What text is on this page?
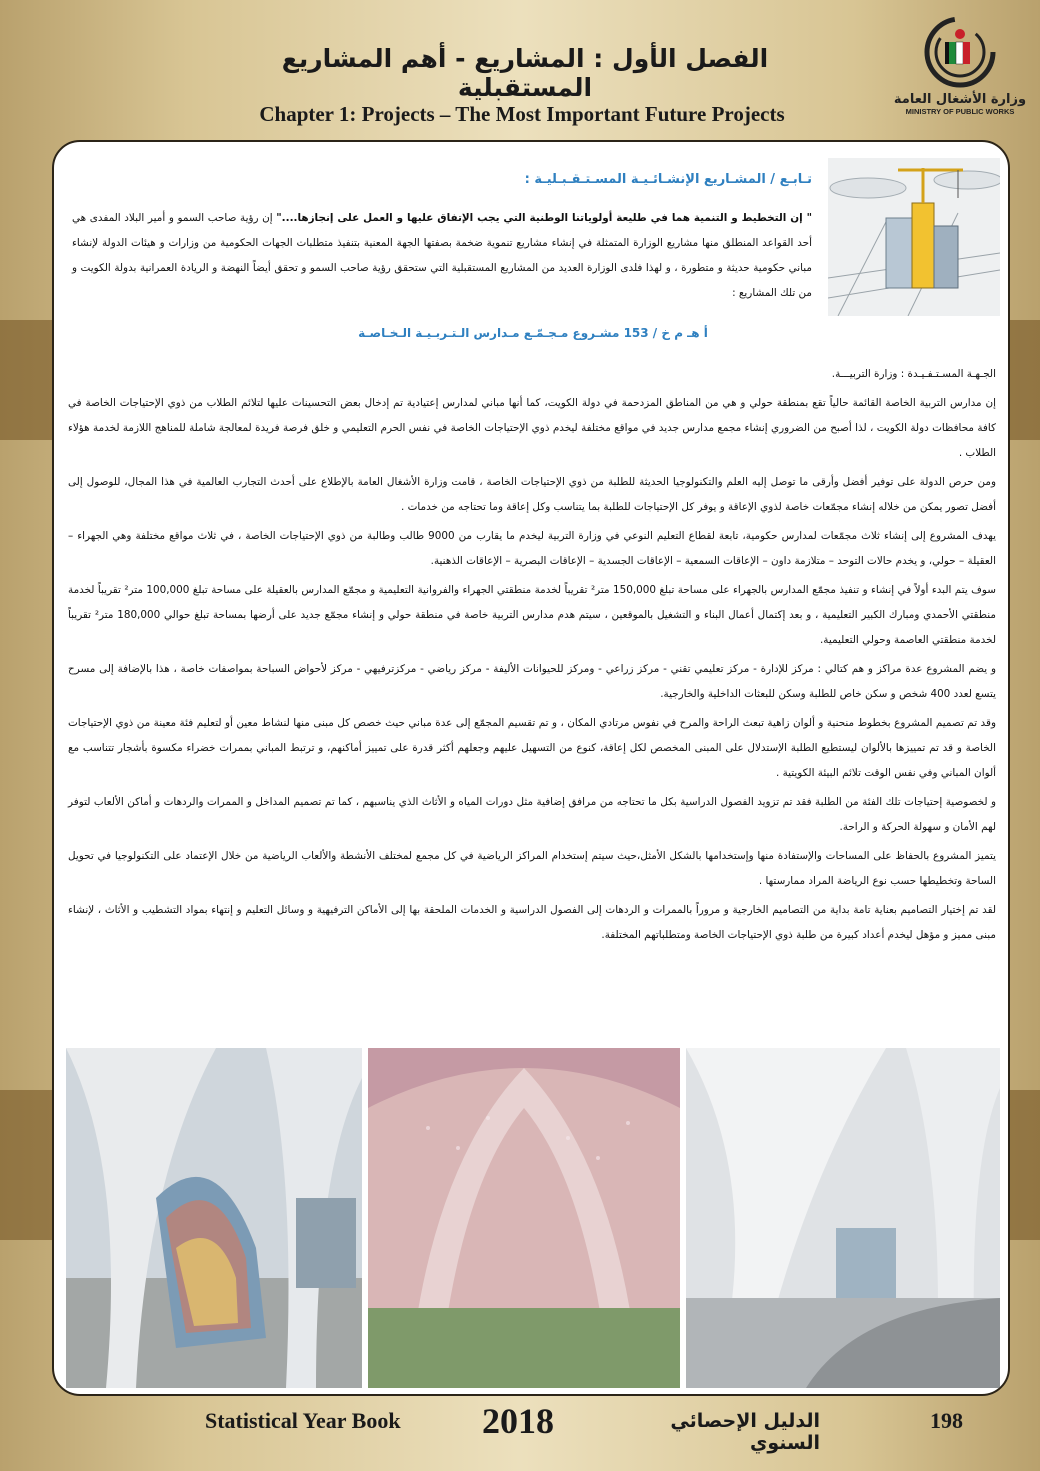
الفصل الأول : المشاريع - أهم المشاريع المستقبلية
Chapter 1: Projects – The Most Important Future Projects
وزارة الأشغال العامة
MINISTRY OF PUBLIC WORKS
تـابـع / المشـاريع الإنشـائـيـة المسـتـقـبـليـة :
" إن التخطيط و التنمية هما في طليعة أولوياتنا الوطنية التي يجب الإتفاق عليها و العمل على إنجازها...." إن رؤية صاحب السمو و أمير البلاد المفدى هي أحد القواعد المنطلق منها مشاريع الوزارة المتمثلة في إنشاء مشاريع تنموية ضخمة بصفتها الجهة المعنية بتنفيذ متطلبات الجهات الحكومية من وزارات و هيئات الدولة لإنشاء مباني حكومية حديثة و متطورة ، و لهذا فلدى الوزارة العديد من المشاريع المستقبلية التي ستحقق رؤية صاحب السمو و تحقق أيضاً النهضة و الريادة العمرانية بدولة الكويت و من تلك المشاريع :
أ هـ م خ / 153 مشـروع مـجـمّـع مـدارس الـتـربـيـة الـخـاصـة

الجـهـة المسـتـفـيـدة : وزارة التربيـــة.

إن مدارس التربية الخاصة القائمة حالياً تقع بمنطقة حولي و هي من المناطق المزدحمة في دولة الكويت، كما أنها مباني لمدارس إعتيادية تم إدخال بعض التحسينات عليها لتلائم الطلاب من ذوي الإحتياجات الخاصة في كافة محافظات دولة الكويت ، لذا أصبح من الضروري إنشاء مجمع مدارس جديد في مواقع مختلفة ليخدم ذوي الإحتياجات الخاصة في نفس الحرم التعليمي و خلق فرصة فريدة لمعالجة شاملة للمناهج اللازمة لخدمة هؤلاء الطلاب .

ومن حرص الدولة على توفير أفضل وأرقى ما توصل إليه العلم والتكنولوجيا الحديثة للطلبة من ذوي الإحتياجات الخاصة ، قامت وزارة الأشغال العامة بالإطلاع على أحدث التجارب العالمية في هذا المجال، للوصول إلى أفضل تصور يمكن من خلاله إنشاء مجمّعات خاصة لذوي الإعاقة و يوفر كل الإحتياجات للطلبة بما يتناسب وكل إعاقة وما تحتاجه من خدمات .

يهدف المشروع إلى إنشاء ثلاث مجمّعات لمدارس حكومية، تابعة لقطاع التعليم النوعي في وزارة التربية ليخدم ما يقارب من 9000 طالب وطالبة من ذوي الإحتياجات الخاصة ، في ثلاث مواقع مختلفة وهي الجهراء – العقيلة – حولي، و يخدم حالات التوحد – متلازمة داون – الإعاقات السمعية – الإعاقات الجسدية – الإعاقات البصرية – الإعاقات الذهنية.

سوف يتم البدء أولاً في إنشاء و تنفيذ مجمّع المدارس بالجهراء على مساحة تبلغ 150,000 متر² تقريباً لخدمة منطقتي الجهراء والفروانية التعليمية و مجمّع المدارس بالعقيلة على مساحة تبلغ 100,000 متر² تقريباً لخدمة منطقتي الأحمدي ومبارك الكبير التعليمية ، و بعد إكتمال أعمال البناء و التشغيل بالموقعين ، سيتم هدم مدارس التربية خاصة في منطقة حولي و إنشاء مجمّع جديد على أرضها بمساحة تبلغ حوالي 180,000 متر² تقريباً لخدمة منطقتي العاصمة وحولي التعليمية.

و يضم المشروع عدة مراكز و هم كتالي : مركز للإدارة - مركز تعليمي تقني - مركز زراعي - ومركز للحيوانات الأليفة - مركز رياضي - مركزترفيهي - مركز لأحواض السباحة بمواصفات خاصة ، هذا بالإضافة إلى مسرح يتسع لعدد 400 شخص و سكن خاص للطلبة وسكن للبعثات الداخلية والخارجية.

وقد تم تصميم المشروع بخطوط منحنية و ألوان زاهية تبعث الراحة والمرح في نفوس مرتادي المكان ، و تم تقسيم المجمّع إلى عدة مباني حيث خصص كل مبنى منها لنشاط معين أو لتعليم فئة معينة من ذوي الإحتياجات الخاصة و قد تم تمييزها بالألوان ليستطيع الطلبة الإستدلال على المبنى المخصص لكل إعاقة، كنوع من التسهيل عليهم وجعلهم أكثر قدرة على تمييز أماكنهم، و ترتبط المباني بممرات خضراء مكسوة بأشجار تتناسب مع ألوان المباني وفي نفس الوقت تلائم البيئة الكويتية .

و لخصوصية إحتياجات تلك الفئة من الطلبة فقد تم تزويد الفصول الدراسية بكل ما تحتاجه من مرافق إضافية مثل دورات المياه و الأثاث الذي يناسبهم ، كما تم تصميم المداخل و الممرات والردهات و أماكن الألعاب لتوفر لهم الأمان و سهولة الحركة و الراحة.

يتميز المشروع بالحفاظ على المساحات والإستفادة منها وإستخدامها بالشكل الأمثل،حيث سيتم إستخدام المراكز الرياضية في كل مجمع لمختلف الأنشطة والألعاب الرياضية من خلال الإعتماد على التكنولوجيا في تحويل الساحة وتخطيطها حسب نوع الرياضة المراد ممارستها .

لقد تم إختيار التصاميم بعناية تامة بداية من التصاميم الخارجية و مروراً بالممرات و الردهات إلى الفصول الدراسية و الخدمات الملحقة بها إلى الأماكن الترفيهية و وسائل التعليم و إنتهاء بمواد التشطيب و الأثاث ، لإنشاء مبنى مميز و مؤهل ليخدم أعداد كبيرة من طلبة ذوي الإحتياجات الخاصة ومتطلباتهم المختلفة.

Statistical Year Book 2018	الدليل الإحصائي السنوي
198
